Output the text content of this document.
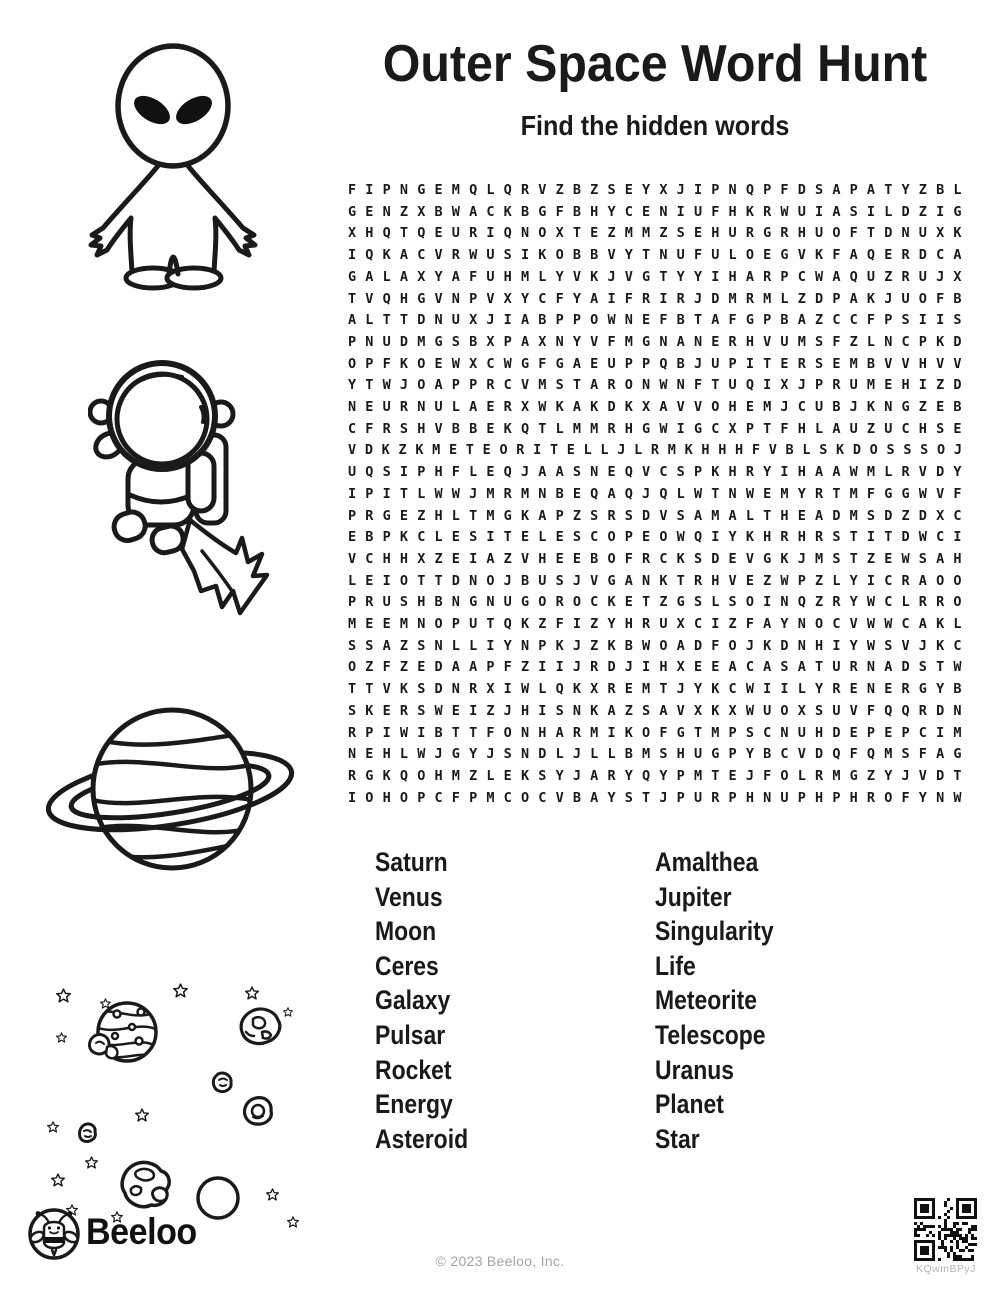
Outer Space Word Hunt
Find the hidden words
F I P N G E M Q L Q R V Z B Z S E Y X J I P N Q P F D S A P A T Y Z B L
G E N Z X B W A C K B G F B H Y C E N I U F H K R W U I A S I L D Z I G
X H Q T Q E U R I Q N O X T E Z M M Z S E H U R G R H U O F T D N U X K
I Q K A C V R W U S I K O B B V Y T N U F U L O E G V K F A Q E R D C A
G A L A X Y A F U H M L Y V K J V G T Y Y I H A R P C W A Q U Z R U J X
T V Q H G V N P V X Y C F Y A I F R I R J D M R M L Z D P A K J U O F B
A L T T D N U X J I A B P P O W N E F B T A F G P B A Z C C F P S I I S
P N U D M G S B X P A X N Y V F M G N A N E R H V U M S F Z L N C P K D
O P F K O E W X C W G F G A E U P P Q B J U P I T E R S E M B V V H V V
Y T W J O A P P R C V M S T A R O N W N F T U Q I X J P R U M E H I Z D
N E U R N U L A E R X W K A K D K X A V V O H E M J C U B J K N G Z E B
C F R S H V B B E K Q T L M M R H G W I G C X P T F H L A U Z U C H S E
V D K Z K M E T E O R I T E L L J L R M K H H H F V B L S K D O S S S O J
U Q S I P H F L E Q J A A S N E Q V C S P K H R Y I H A A W M L R V D Y
I P I T L W W J M R M N B E Q A Q J Q L W T N W E M Y R T M F G G W V F
P R G E Z H L T M G K A P Z S R S D V S A M A L T H E A D M S D Z D X C
E B P K C L E S I T E L E S C O P E O W Q I Y K H R H R S T I T D W C I
V C H H X Z E I A Z V H E E B O F R C K S D E V G K J M S T Z E W S A H
L E I O T T D N O J B U S J V G A N K T R H V E Z W P Z L Y I C R A O O
P R U S H B N G N U G O R O C K E T Z G S L S O I N Q Z R Y W C L R R O
M E E M N O P U T Q K Z F I Z Y H R U X C I Z F A Y N O C V W W C A K L
S S A Z S N L L I Y N P K J Z K B W O A D F O J K D N H I Y W S V J K C
O Z F Z E D A A P F Z I I J R D J I H X E E A C A S A T U R N A D S T W
T T V K S D N R X I W L Q K X R E M T J Y K C W I I L Y R E N E R G Y B
S K E R S W E I Z J H I S N K A Z S A V X K X W U O X S U V F Q Q R D N
R P I W I B T T F O N H A R M I K O F G T M P S C N U H D E P E P C I M
N E H L W J G Y J S N D L J L L B M S H U G P Y B C V D Q F Q M S F A G
R G K Q O H M Z L E K S Y J A R Y Q Y P M T E J F O L R M G Z Y J V D T
I O H O P C F P M C O C V B A Y S T J P U R P H N U P H P H R O F Y N W
Saturn
Venus
Moon
Ceres
Galaxy
Pulsar
Rocket
Energy
Asteroid
Amalthea
Jupiter
Singularity
Life
Meteorite
Telescope
Uranus
Planet
Star
© 2023 Beeloo, Inc.
Beeloo
KQwmBPyJ
